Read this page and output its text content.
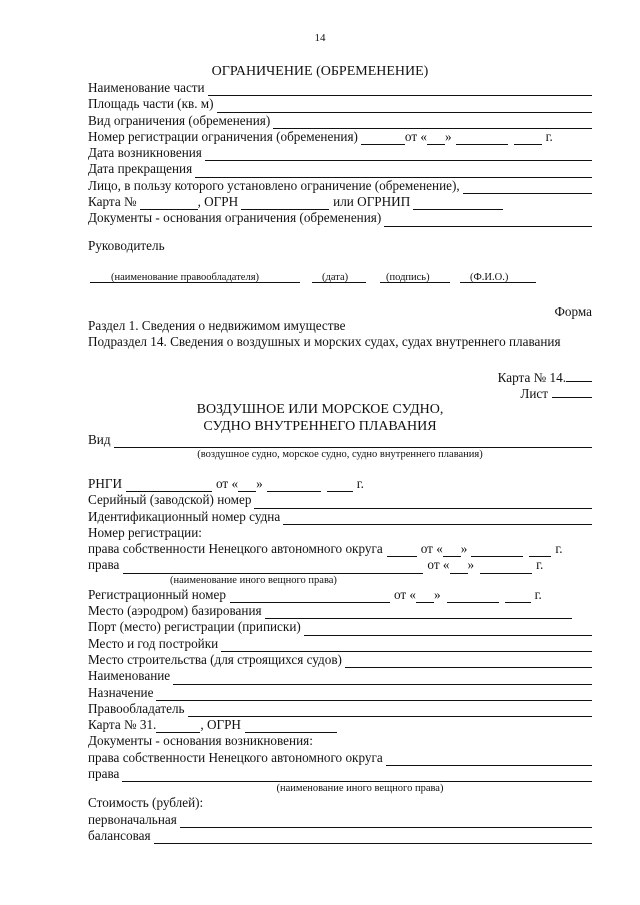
14
ОГРАНИЧЕНИЕ (ОБРЕМЕНЕНИЕ)
Наименование части
Площадь части (кв. м)
Вид ограничения (обременения)
Номер регистрации ограничения (обременения)	от « »	г.
Дата возникновения
Дата прекращения
Лицо, в пользу которого установлено ограничение (обременение),
Карта №	, ОГРН	или ОГРНИП
Документы - основания ограничения (обременения)
Руководитель
(наименование правообладателя)	(дата)	(подпись)	(Ф.И.О.)
Форма
Раздел 1. Сведения о недвижимом имуществе
Подраздел 14. Сведения о воздушных и морских судах, судах внутреннего плавания
Карта № 14.
Лист
ВОЗДУШНОЕ ИЛИ МОРСКОЕ СУДНО,
СУДНО ВНУТРЕННЕГО ПЛАВАНИЯ
Вид
(воздушное судно, морское судно, судно внутреннего плавания)
РНГИ	от « »	г.
Серийный (заводской) номер
Идентификационный номер судна
Номер регистрации:
права собственности Ненецкого автономного округа	от « »	г.
права	от « »	г.
(наименование иного вещного права)
Регистрационный номер	от « »	г.
Место (аэродром) базирования
Порт (место) регистрации (приписки)
Место и год постройки
Место строительства (для строящихся судов)
Наименование
Назначение
Правообладатель
Карта № 31.	, ОГРН
Документы - основания возникновения:
права собственности Ненецкого автономного округа
права
(наименование иного вещного права)
Стоимость (рублей):
первоначальная
балансовая
